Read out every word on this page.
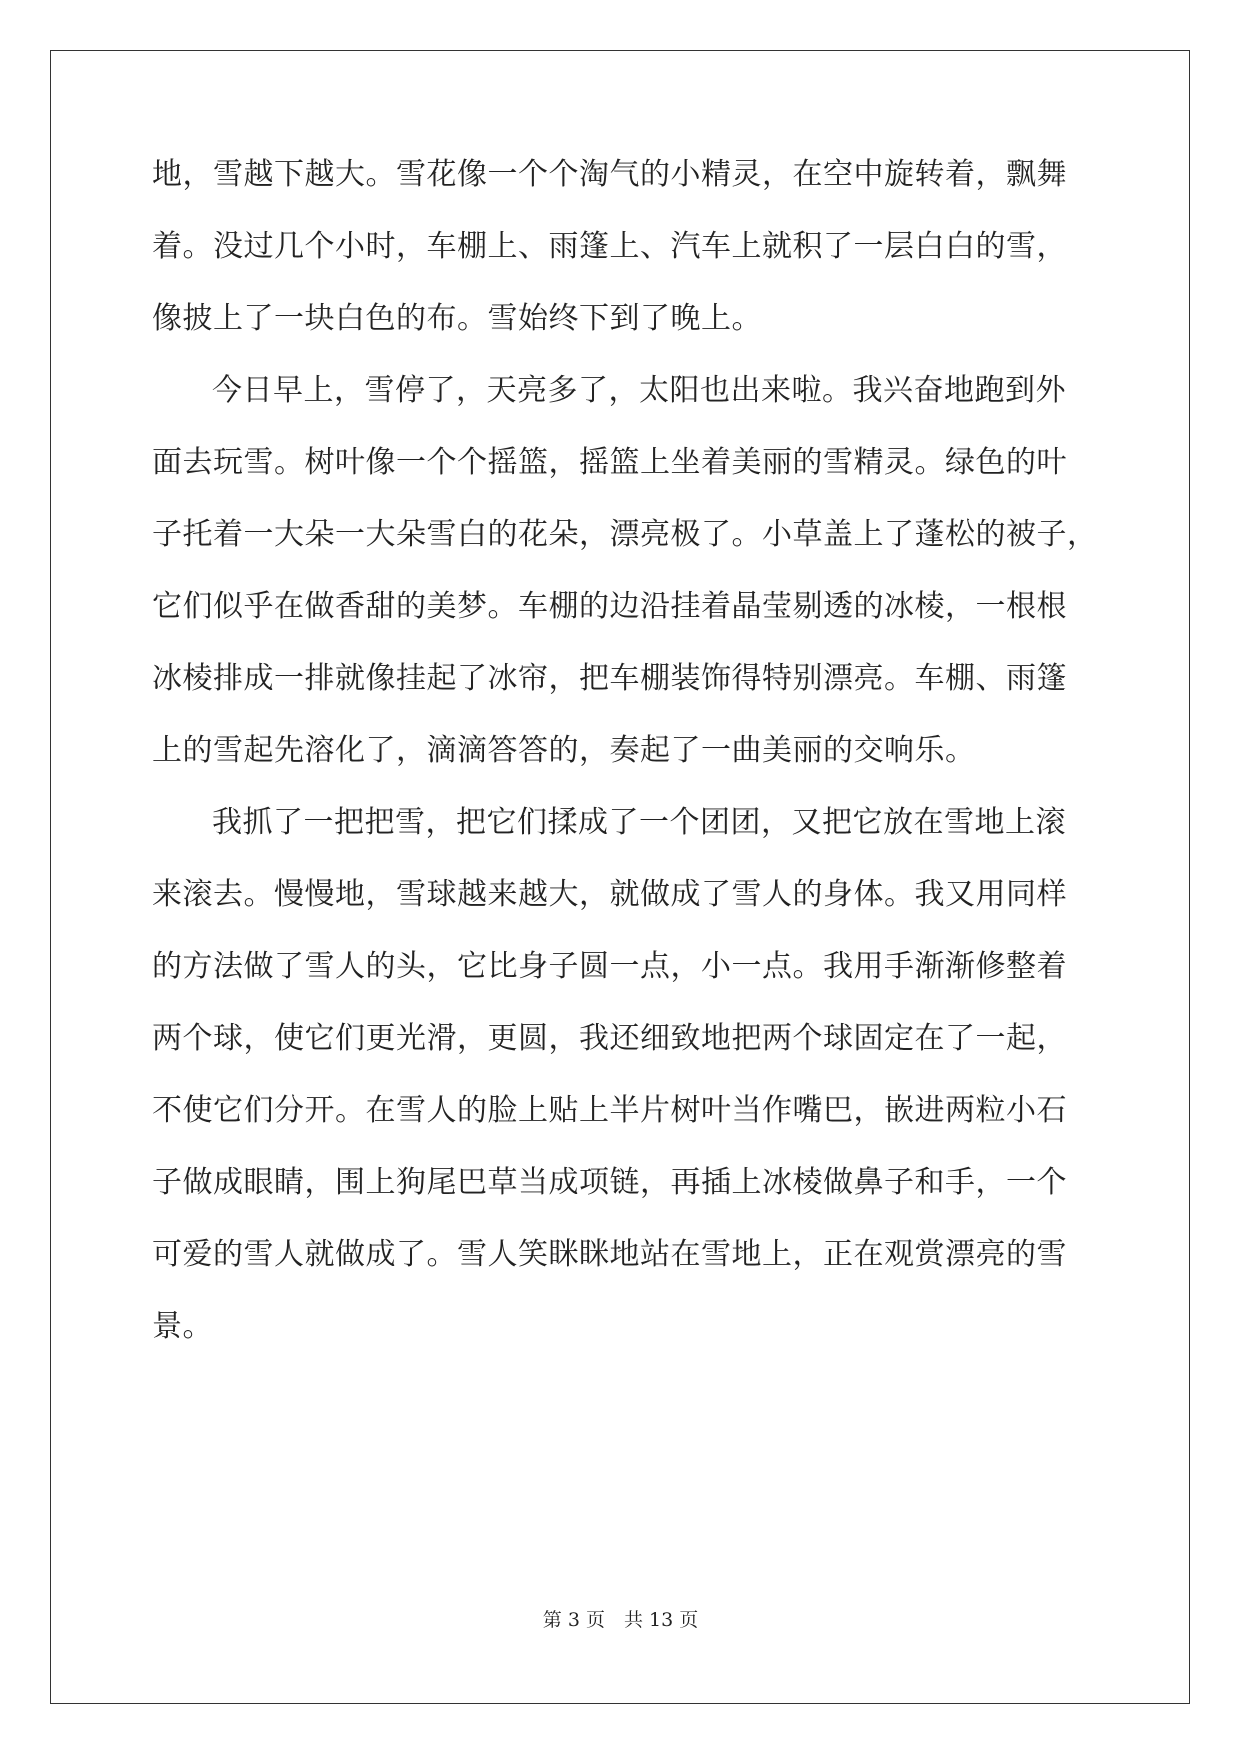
地，雪越下越大。雪花像一个个淘气的小精灵，在空中旋转着，飘舞
着。没过几个小时，车棚上、雨篷上、汽车上就积了一层白白的雪，
像披上了一块白色的布。雪始终下到了晚上。
今日早上，雪停了，天亮多了，太阳也出来啦。我兴奋地跑到外
面去玩雪。树叶像一个个摇篮，摇篮上坐着美丽的雪精灵。绿色的叶
子托着一大朵一大朵雪白的花朵，漂亮极了。小草盖上了蓬松的被子，
它们似乎在做香甜的美梦。车棚的边沿挂着晶莹剔透的冰棱，一根根
冰棱排成一排就像挂起了冰帘，把车棚装饰得特别漂亮。车棚、雨篷
上的雪起先溶化了，滴滴答答的，奏起了一曲美丽的交响乐。
我抓了一把把雪，把它们揉成了一个团团，又把它放在雪地上滚
来滚去。慢慢地，雪球越来越大，就做成了雪人的身体。我又用同样
的方法做了雪人的头，它比身子圆一点，小一点。我用手渐渐修整着
两个球，使它们更光滑，更圆，我还细致地把两个球固定在了一起，
不使它们分开。在雪人的脸上贴上半片树叶当作嘴巴，嵌进两粒小石
子做成眼睛，围上狗尾巴草当成项链，再插上冰棱做鼻子和手，一个
可爱的雪人就做成了。雪人笑眯眯地站在雪地上，正在观赏漂亮的雪
景。
第 3 页　共 13 页
